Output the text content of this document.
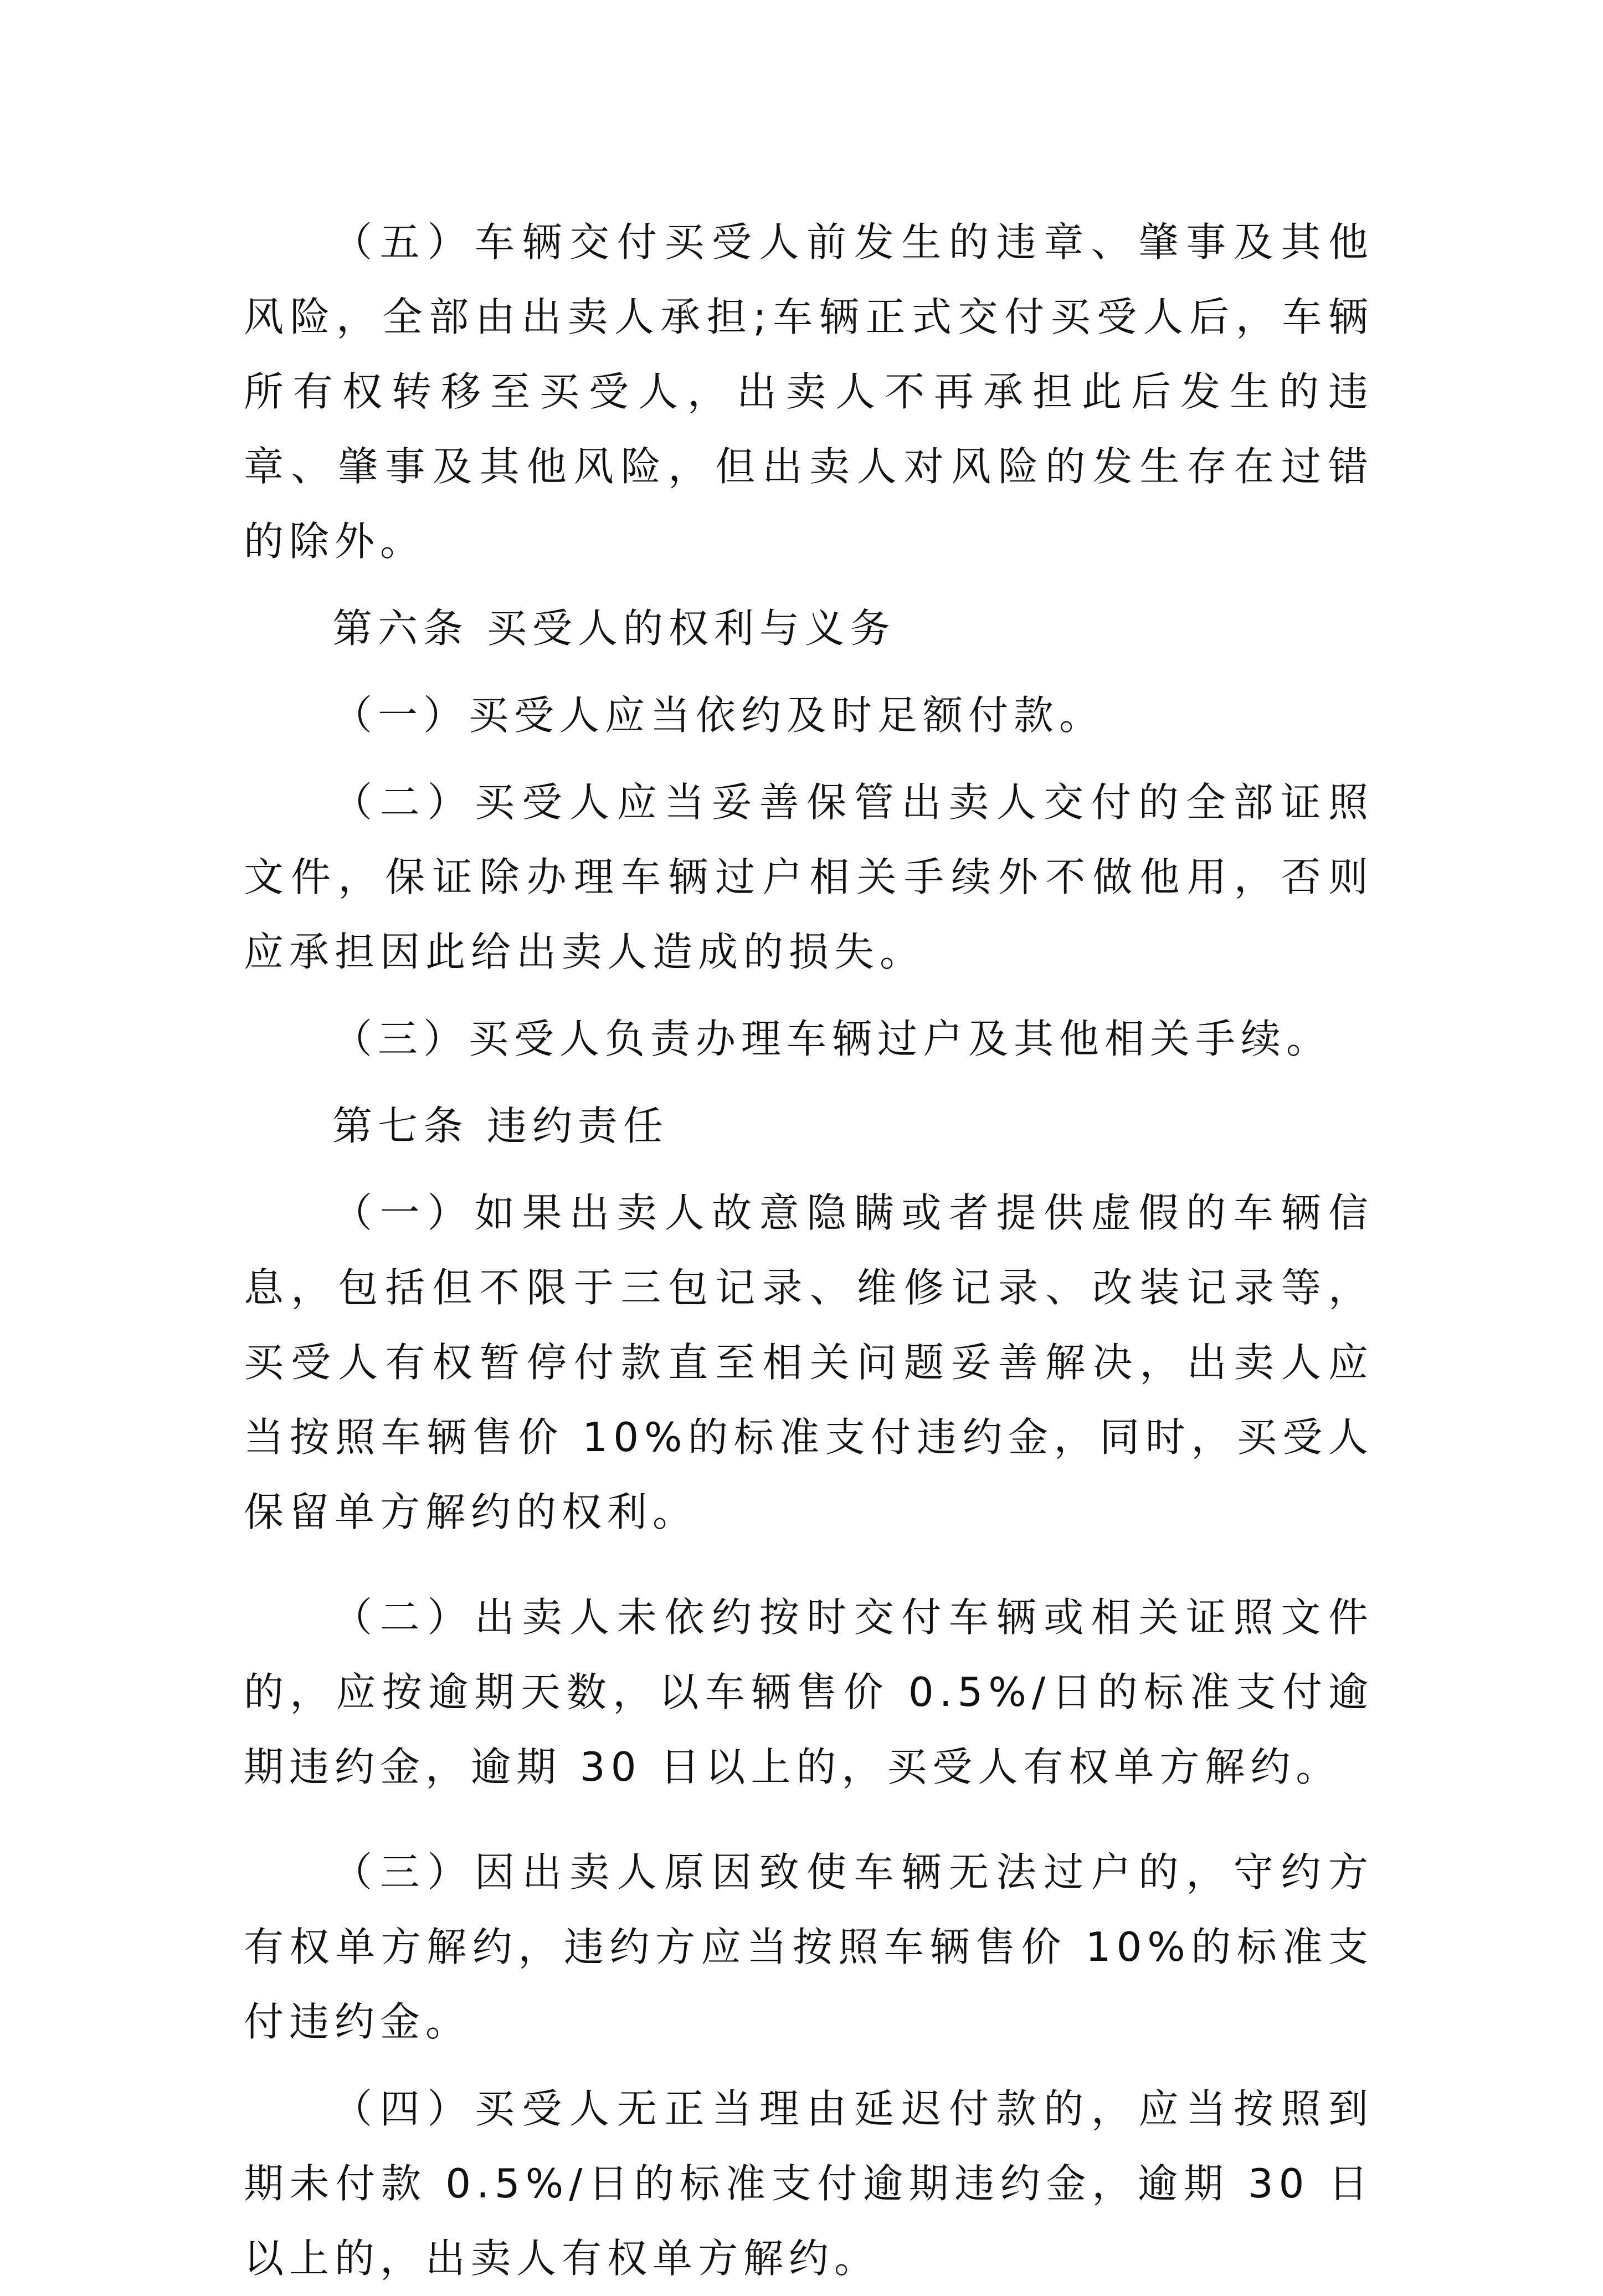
（五）车辆交付买受人前发生的违章、肇事及其他风险，全部由出卖人承担;车辆正式交付买受人后，车辆所有权转移至买受人，出卖人不再承担此后发生的违章、肇事及其他风险，但出卖人对风险的发生存在过错的除外。

第六条 买受人的权利与义务

（一）买受人应当依约及时足额付款。

（二）买受人应当妥善保管出卖人交付的全部证照文件，保证除办理车辆过户相关手续外不做他用，否则应承担因此给出卖人造成的损失。

（三）买受人负责办理车辆过户及其他相关手续。

第七条 违约责任

（一）如果出卖人故意隐瞒或者提供虚假的车辆信息，包括但不限于三包记录、维修记录、改装记录等，买受人有权暂停付款直至相关问题妥善解决，出卖人应当按照车辆售价 10%的标准支付违约金，同时，买受人保留单方解约的权利。

（二）出卖人未依约按时交付车辆或相关证照文件的，应按逾期天数，以车辆售价 0.5%/日的标准支付逾期违约金，逾期 30 日以上的，买受人有权单方解约。

（三）因出卖人原因致使车辆无法过户的，守约方有权单方解约，违约方应当按照车辆售价 10%的标准支付违约金。

（四）买受人无正当理由延迟付款的，应当按照到期未付款 0.5%/日的标准支付逾期违约金，逾期 30 日以上的，出卖人有权单方解约。
